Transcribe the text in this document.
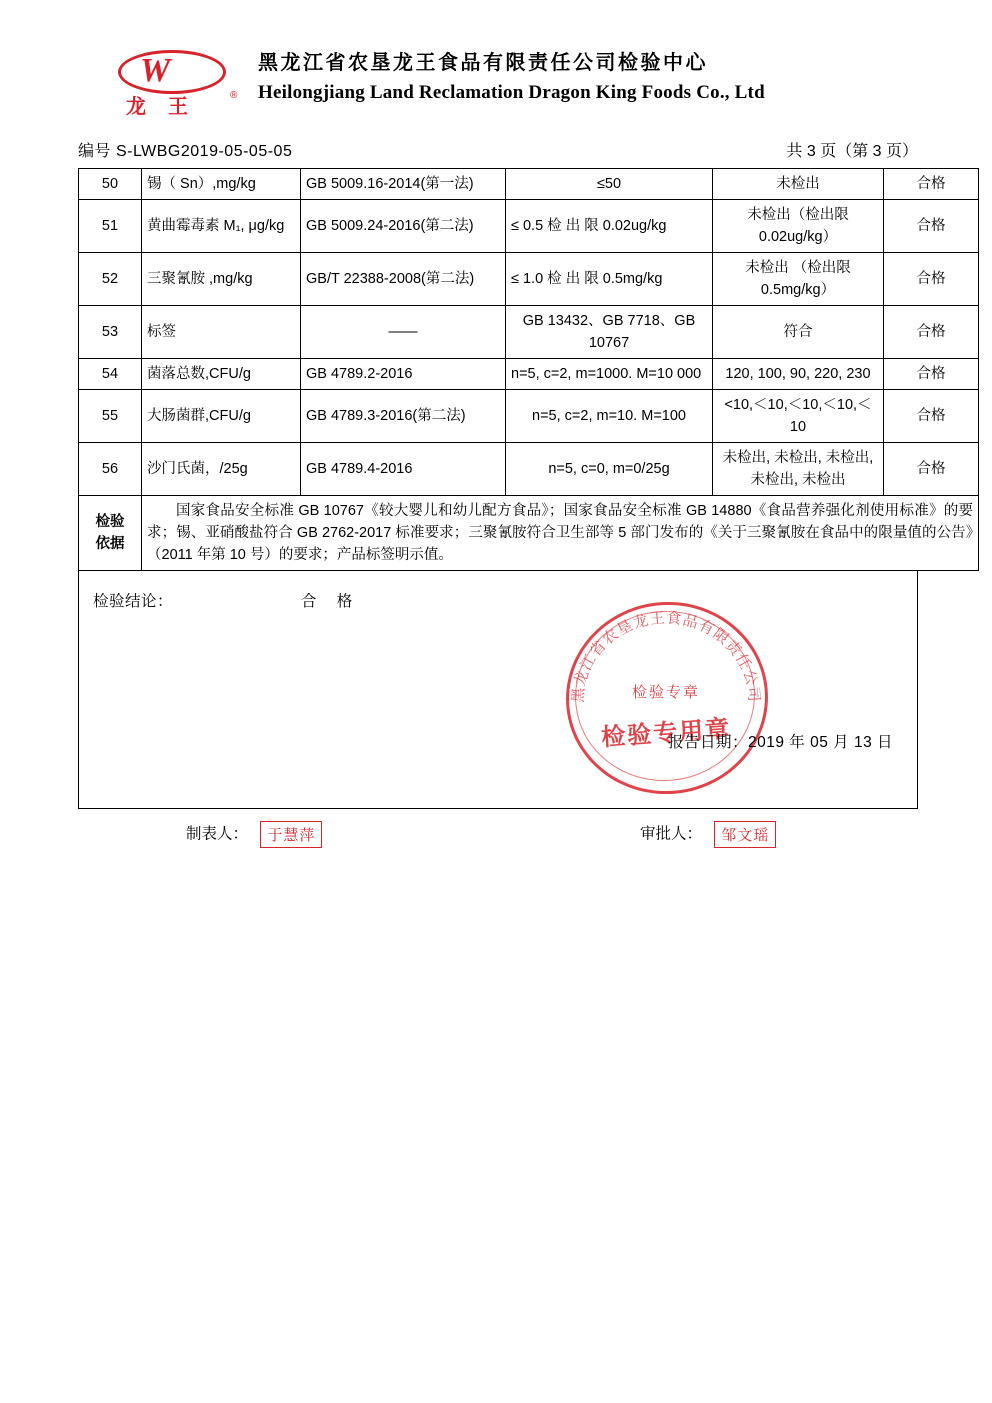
W
龙王
®
黑龙江省农垦龙王食品有限责任公司检验中心
Heilongjiang Land Reclamation Dragon King Foods Co., Ltd
编号 S-LWBG2019-05-05-05	共 3 页（第 3 页）
50	锡（ Sn）,mg/kg	GB 5009.16-2014(第一法)	≤50	未检出	合格
51	黄曲霉毒素 M₁, μg/kg	GB 5009.24-2016(第二法)	≤ 0.5 检 出 限 0.02ug/kg	未检出（检出限 0.02ug/kg）	合格
52	三聚氰胺 ,mg/kg	GB/T 22388-2008(第二法)	≤ 1.0 检 出 限 0.5mg/kg	未检出 （检出限 0.5mg/kg）	合格
53	标签	——	GB 13432、GB 7718、GB 10767	符合	合格
54	菌落总数,CFU/g	GB 4789.2-2016	n=5, c=2, m=1000. M=10 000	120, 100, 90, 220, 230	合格
55	大肠菌群,CFU/g	GB 4789.3-2016(第二法)	n=5, c=2, m=10. M=100	<10,＜10,＜10,＜10,＜10	合格
56	沙门氏菌，/25g	GB 4789.4-2016	n=5, c=0, m=0/25g	未检出, 未检出, 未检出, 未检出, 未检出	合格

检验
依据	国家食品安全标准 GB 10767《较大婴儿和幼儿配方食品》；国家食品安全标准 GB 14880《食品营养强化剂使用标准》的要求；锡、亚硝酸盐符合 GB 2762-2017 标准要求；三聚氰胺符合卫生部等 5 部门发布的《关于三聚氰胺在食品中的限量值的公告》（2011 年第 10 号）的要求；产品标签明示值。				

检验结论：	合 格
黑龙江省农垦龙王食品有限责任公司
检验专章
检验专用章
报告日期：2019 年 05 月 13 日
制表人： 于慧萍	审批人： 邹文瑶
